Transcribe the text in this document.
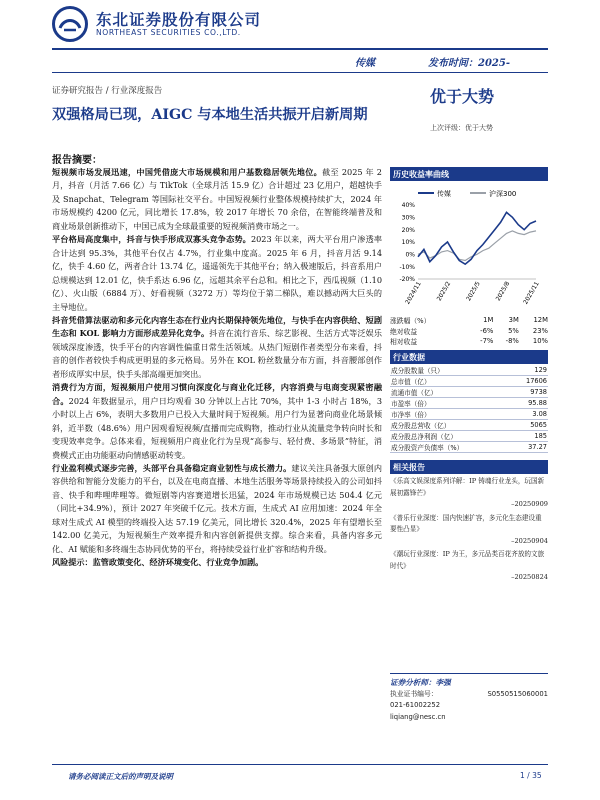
东北证券股份有限公司
NORTHEAST SECURITIES CO.,LTD.
传媒	发布时间：2025-
证券研究报告 / 行业深度报告	优于大势
上次评级：优于大势
双强格局已现，AIGC 与本地生活共振开启新周期
报告摘要：

短视频市场发展迅速，中国凭借庞大市场规模和用户基数稳居领先地位。截至 2025 年 2 月，抖音（月活 7.66 亿）与 TikTok（全球月活 15.9 亿）合计超过 23 亿用户，超越快手及 Snapchat、Telegram 等国际社交平台。中国短视频行业整体规模持续扩大，2024 年市场规模约 4200 亿元，同比增长 17.8%，较 2017 年增长 70 余倍，在智能终端普及和商业场景创新推动下，中国已成为全球最重要的短视频消费市场之一。

平台格局高度集中，抖音与快手形成双寡头竞争态势。2023 年以来，两大平台用户渗透率合计达到 95.3%，其他平台仅占 4.7%，行业集中度高。2025 年 6 月，抖音月活 9.14 亿，快手 4.60 亿，两者合计 13.74 亿，遥遥领先于其他平台；纳入极速版后，抖音系用户总规模达到 12.01 亿，快手系达 6.96 亿，远超其余平台总和。相比之下，西瓜视频（1.10 亿）、火山版（6884 万）、好看视频（3272 万）等均位于第二梯队，难以撼动两大巨头的主导地位。

抖音凭借算法驱动和多元化内容生态在行业内长期保持领先地位，与快手在内容供给、短剧生态和 KOL 影响力方面形成差异化竞争。抖音在流行音乐、综艺影视、生活方式等泛娱乐领域深度渗透，快手平台的内容调性偏重日常生活领域。从热门短剧作者类型分布来看，抖音的创作者较快手构成更明显的多元格局。另外在 KOL 粉丝数量分布方面，抖音腰部创作者形成厚实中层，快手头部高端更加突出。

消费行为方面，短视频用户使用习惯向深度化与商业化迁移，内容消费与电商变现紧密融合。2024 年数据显示，用户日均观看 30 分钟以上占比 70%，其中 1-3 小时占 18%，3 小时以上占 6%，表明大多数用户已投入大量时间于短视频。用户行为显著向商业化场景倾斜，近半数（48.6%）用户因观看短视频/直播而完成购物，推动行业从流量竞争转向时长和变现效率竞争。总体来看，短视频用户商业化行为呈现“高参与、轻付费、多场景”特征，消费模式正由功能驱动向情感驱动转变。

行业盈利模式逐步完善，头部平台具备稳定商业韧性与成长潜力。建议关注具备强大原创内容供给和智能分发能力的平台，以及在电商直播、本地生活服务等场景持续投入的公司如抖音、快手和哔哩哔哩等。微短剧等内容赛道增长迅猛，2024 年市场规模已达 504.4 亿元（同比+34.9%），预计 2027 年突破千亿元。技术方面，生成式 AI 应用加速：2024 年全球对生成式 AI 模型的终端投入达 57.19 亿美元，同比增长 320.4%，2025 年有望增长至 142.00 亿美元，为短视频生产效率提升和内容创新提供支撑。综合来看，具备内容多元化、AI 赋能和多终端生态协同优势的平台，将持续受益行业扩容和结构升级。

风险提示：监管政策变化、经济环境变化、行业竞争加剧。

历史收益率曲线
传媒	沪深300
40%
30%
20%
10%
0%
-10%
-20%
2024/11 2025/2 2025/5 2025/8 2025/11
涨跌幅（%）	1M	3M	12M
绝对收益	-6%	5%	23%
相对收益	-7%	-8%	10%
行业数据
成分股数量（只）	129
总市值（亿）	17606
流通市值（亿）	9738
市盈率（倍）	95.88
市净率（倍）	3.08
成分股总营收（亿）	5065
成分股总净利润（亿）	185
成分股资产负债率（%）	37.27
相关报告
《乐高文娱深度系列详解：IP 铸魂行业龙头，玩国新展初露锋芒》
–20250909
《普乐行业深度：国内快速扩容，多元化生态建设重要性凸显》
–20250904
《潮玩行业深度：IP 为王，多元品类百花齐放的文旅时代》
–20250824
证券分析师：李强
执业证书编号：	S0550515060001
021-61002252
liqiang@nesc.cn
请务必阅读正文后的声明及说明	1 / 35
